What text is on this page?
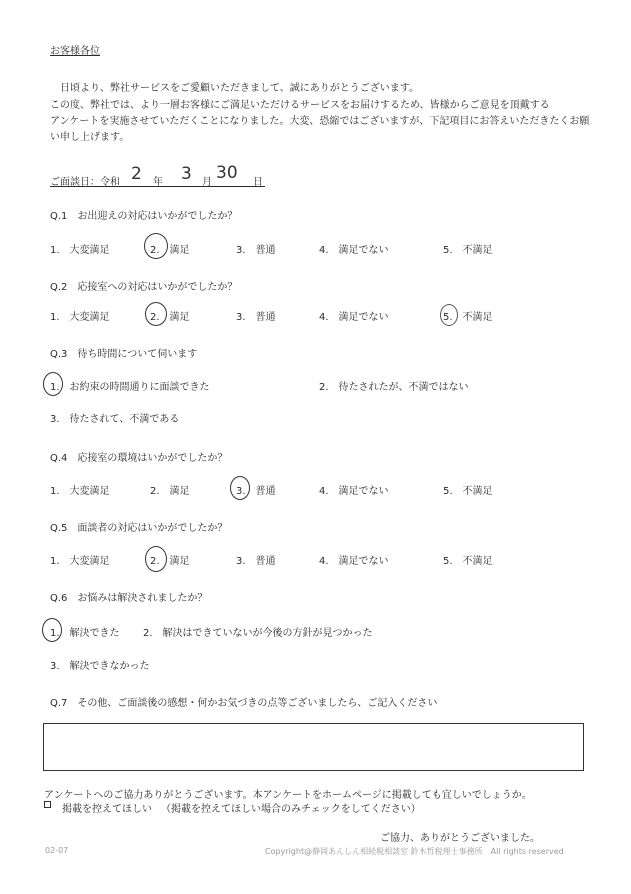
お客様各位
日頃より、弊社サービスをご愛顧いただきまして、誠にありがとうございます。
この度、弊社では、より一層お客様にご満足いただけるサービスをお届けするため、皆様からご意見を頂戴する
アンケートを実施させていただくことになりました。大変、恐縮ではございますが、下記項目にお答えいただきたくお願
い申し上げます。
ご面談日：令和 2 年 3 月 30 日
Q.1　お出迎えの対応はいかがでしたか？
1.　大変満足	2.　満足	3.　普通	4.　満足でない	5.　不満足
Q.2　応接室への対応はいかがでしたか？
1.　大変満足	2.　満足	3.　普通	4.　満足でない	5.　不満足
Q.3　待ち時間について伺います
1.　お約束の時間通りに面談できた	2.　待たされたが、不満ではない
3.　待たされて、不満である
Q.4　応接室の環境はいかがでしたか？
1.　大変満足	2.　満足	3.　普通	4.　満足でない	5.　不満足
Q.5　面談者の対応はいかがでしたか？
1.　大変満足	2.　満足	3.　普通	4.　満足でない	5.　不満足
Q.6　お悩みは解決されましたか？
1.　解決できた 2.　解決はできていないが今後の方針が見つかった
3.　解決できなかった
Q.7　その他、ご面談後の感想・何かお気づきの点等ございましたら、ご記入ください
アンケートへのご協力ありがとうございます。本アンケートをホームページに掲載しても宜しいでしょうか。
掲載を控えてほしい （掲載を控えてほしい場合のみチェックをしてください）
ご協力、ありがとうございました。
02-07	Copyright@静岡あんしん相続税相談室 鈴木哲税理士事務所　All rights reserved
